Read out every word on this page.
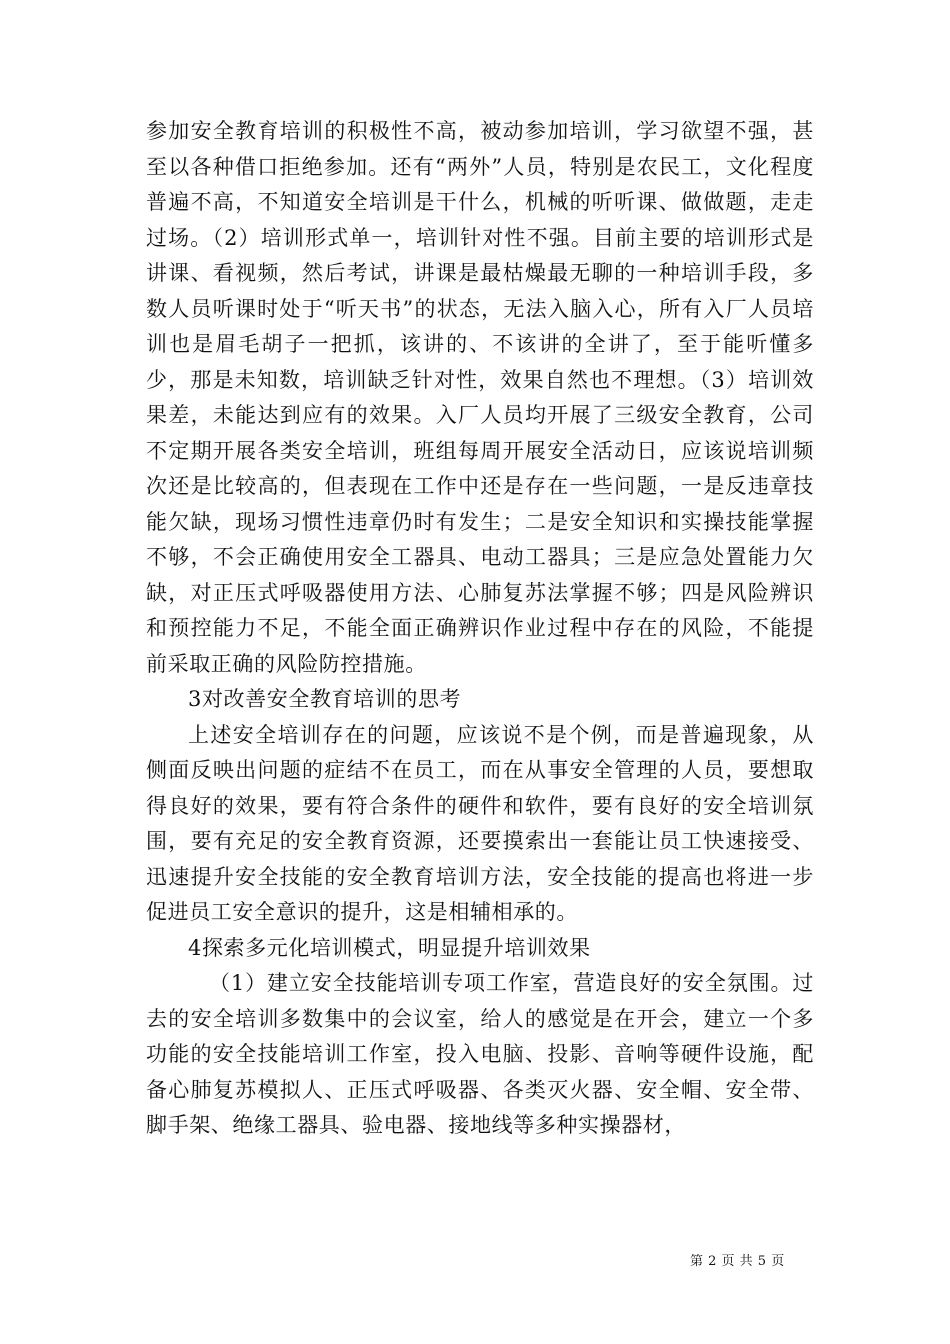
参加安全教育培训的积极性不高，被动参加培训，学习欲望不强，甚至以各种借口拒绝参加。还有“两外”人员，特别是农民工，文化程度普遍不高，不知道安全培训是干什么，机械的听听课、做做题，走走过场。（2）培训形式单一，培训针对性不强。目前主要的培训形式是讲课、看视频，然后考试，讲课是最枯燥最无聊的一种培训手段，多数人员听课时处于“听天书”的状态，无法入脑入心，所有入厂人员培训也是眉毛胡子一把抓，该讲的、不该讲的全讲了，至于能听懂多少，那是未知数，培训缺乏针对性，效果自然也不理想。（3）培训效果差，未能达到应有的效果。入厂人员均开展了三级安全教育，公司不定期开展各类安全培训，班组每周开展安全活动日，应该说培训频次还是比较高的，但表现在工作中还是存在一些问题，一是反违章技能欠缺，现场习惯性违章仍时有发生；二是安全知识和实操技能掌握不够，不会正确使用安全工器具、电动工器具；三是应急处置能力欠缺，对正压式呼吸器使用方法、心肺复苏法掌握不够；四是风险辨识和预控能力不足，不能全面正确辨识作业过程中存在的风险，不能提前采取正确的风险防控措施。

3对改善安全教育培训的思考

上述安全培训存在的问题，应该说不是个例，而是普遍现象，从侧面反映出问题的症结不在员工，而在从事安全管理的人员，要想取得良好的效果，要有符合条件的硬件和软件，要有良好的安全培训氛围，要有充足的安全教育资源，还要摸索出一套能让员工快速接受、迅速提升安全技能的安全教育培训方法，安全技能的提高也将进一步促进员工安全意识的提升，这是相辅相承的。

4探索多元化培训模式，明显提升培训效果

（1）建立安全技能培训专项工作室，营造良好的安全氛围。过去的安全培训多数集中的会议室，给人的感觉是在开会，建立一个多功能的安全技能培训工作室，投入电脑、投影、音响等硬件设施，配备心肺复苏模拟人、正压式呼吸器、各类灭火器、安全帽、安全带、脚手架、绝缘工器具、验电器、接地线等多种实操器材，

第 2 页 共 5 页
